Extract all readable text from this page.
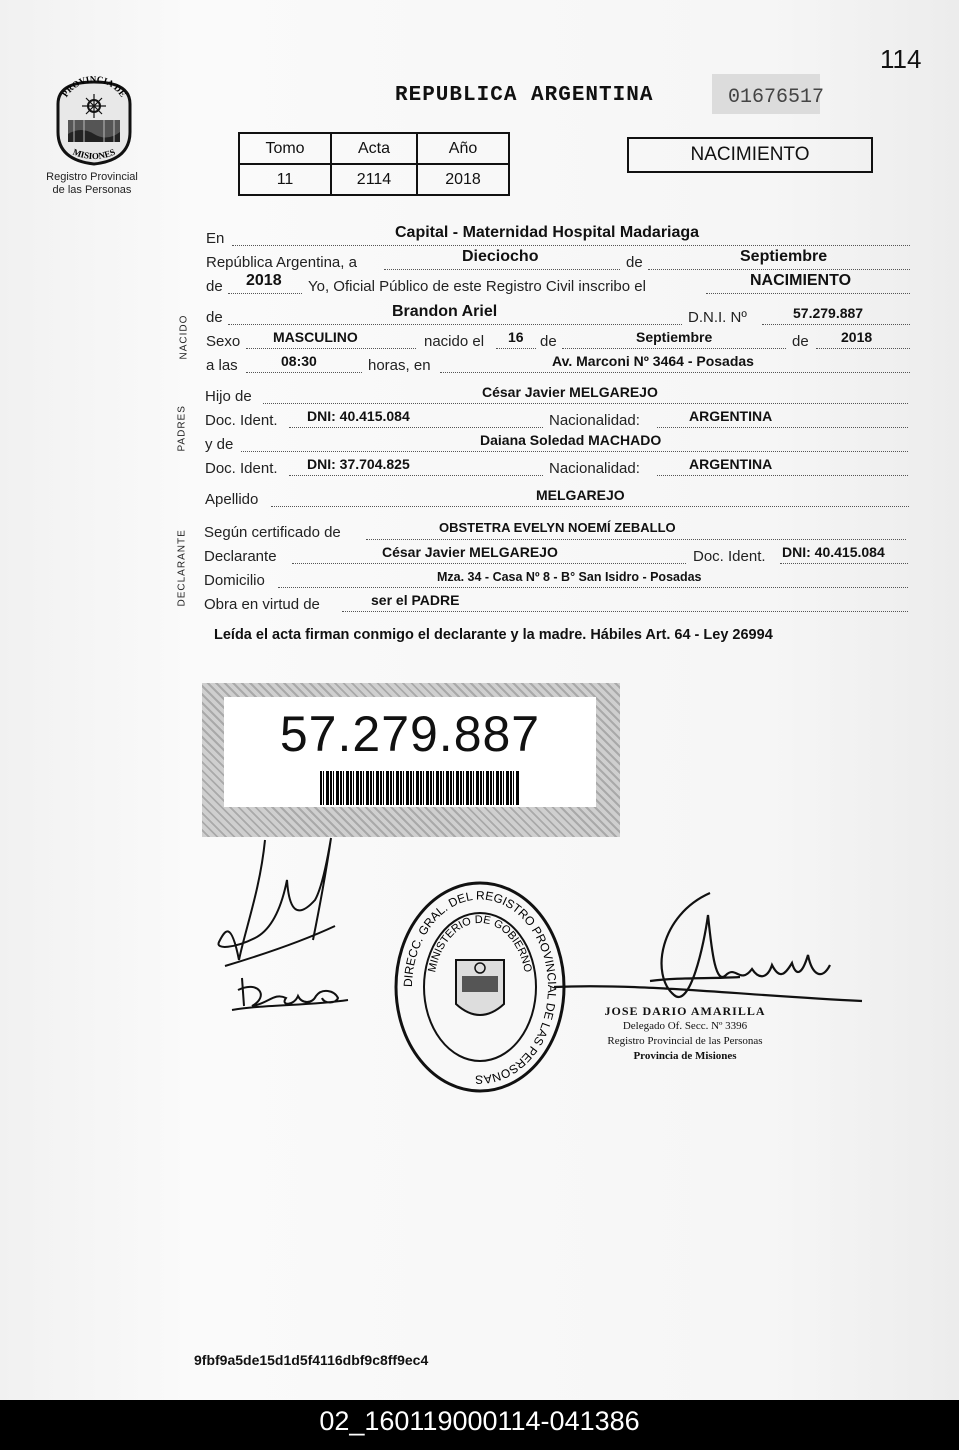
114
PROVINCIA DE
MISIONES
Registro Provincial
de las Personas
REPUBLICA ARGENTINA	01676517
Tomo	Acta	Año
11	2114	2018
NACIMIENTO
NACIDO
PADRES
DECLARANTE
En	Capital - Maternidad Hospital Madariaga
República Argentina, a	Dieciocho	de	Septiembre
de 2018 Yo, Oficial Público de este Registro Civil inscribo el	NACIMIENTO
de	Brandon Ariel	D.N.I. Nº	57.279.887
Sexo MASCULINO	nacido el 16 de	Septiembre	de 2018
a las	08:30	horas, en	Av. Marconi Nº 3464 - Posadas
Hijo de	César Javier MELGAREJO
Doc. Ident. DNI: 40.415.084	Nacionalidad:	ARGENTINA
y de	Daiana Soledad MACHADO
Doc. Ident. DNI: 37.704.825	Nacionalidad:	ARGENTINA
Apellido	MELGAREJO
Según certificado de	OBSTETRA EVELYN NOEMÍ ZEBALLO
Declarante	César Javier MELGAREJO	Doc. Ident. DNI: 40.415.084
Domicilio	Mza. 34 - Casa Nº 8 - B° San Isidro - Posadas
Obra en virtud de	ser el PADRE
Leída el acta firman conmigo el declarante y la madre. Hábiles Art. 64 - Ley 26994
57.279.887
DIRECC. GRAL. DEL REGISTRO PROVINCIAL DE LAS PERSONAS
MINISTERIO DE GOBIERNO
JOSE DARIO AMARILLA
Delegado Of. Secc. Nº 3396
Registro Provincial de las Personas
Provincia de Misiones
9fbf9a5de15d1d5f4116dbf9c8ff9ec4
02_160119000114-041386
